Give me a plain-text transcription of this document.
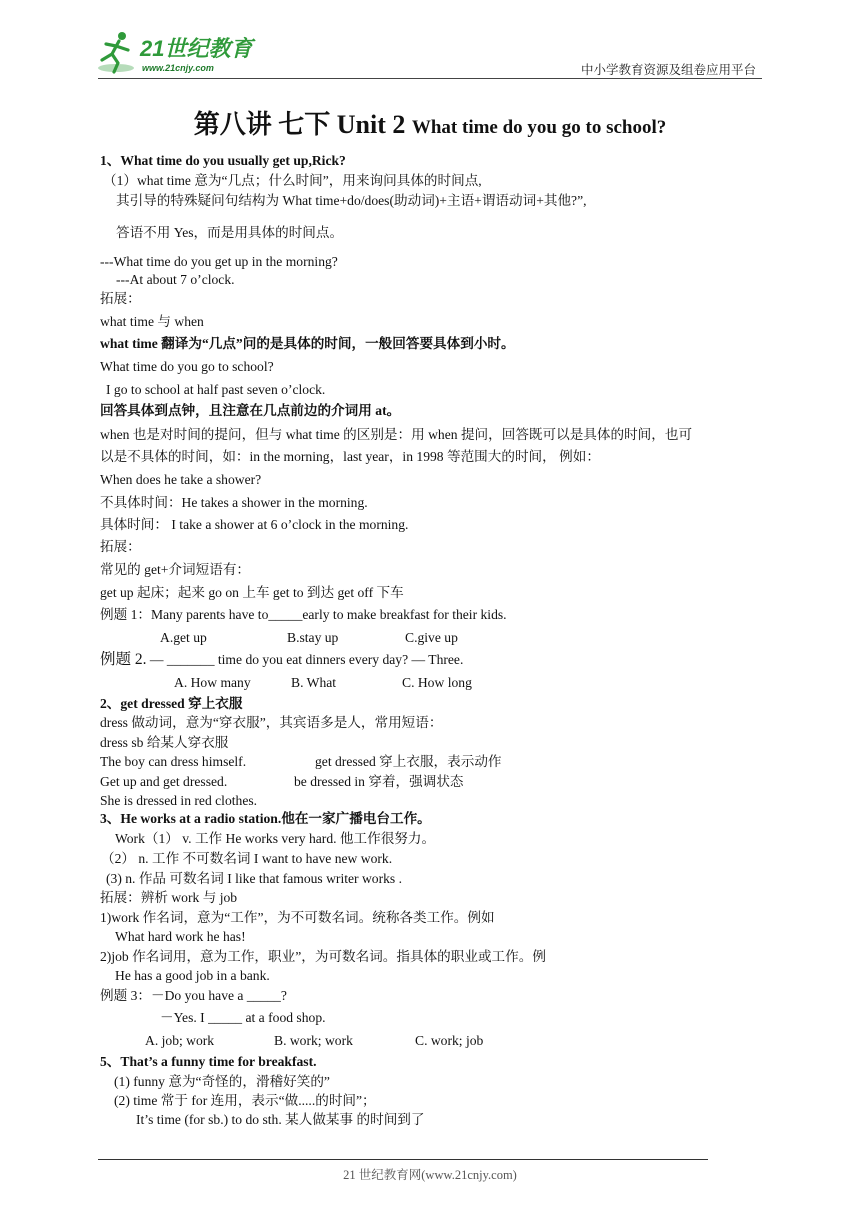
21世纪教育
www.21cnjy.com	中小学教育资源及组卷应用平台
第八讲 七下 Unit 2 What time do you go to school?
1、What time do you usually get up,Rick?
（1）what time 意为“几点；什么时间”，用来询问具体的时间点,
其引导的特殊疑问句结构为 What time+do/does(助动词)+主语+谓语动词+其他?”,
答语不用 Yes，而是用具体的时间点。
---What time do you get up in the morning?
---At about 7 o’clock.
拓展：
what time 与 when
what time 翻译为“几点”问的是具体的时间，一般回答要具体到小时。
What time do you go to school?
I go to school at half past seven o’clock.
回答具体到点钟，且注意在几点前边的介词用 at。
when 也是对时间的提问，但与 what time 的区别是：用 when 提问，回答既可以是具体的时间，也可
以是不具体的时间，如：in the morning，last year，in 1998 等范围大的时间， 例如：
When does he take a shower?
不具体时间：He takes a shower in the morning.
具体时间： I take a shower at 6 o’clock in the morning.
拓展：
常见的 get+介词短语有：
get up 起床；起来 go on 上车 get to 到达 get off 下车
例题 1：Many parents have to_____early to make breakfast for their kids.
A.get up	B.stay up	C.give up
例题 2. — _______ time do you eat dinners every day? — Three.
A. How many	B. What	C. How long
2、get dressed 穿上衣服
dress 做动词，意为“穿衣服”，其宾语多是人，常用短语：
dress sb 给某人穿衣服
The boy can dress himself.	get dressed 穿上衣服，表示动作
Get up and get dressed.	be dressed in 穿着，强调状态
She is dressed in red clothes.
3、He works at a radio station.他在一家广播电台工作。
Work（1） v. 工作 He works very hard. 他工作很努力。
（2） n. 工作 不可数名词 I want to have new work.
(3) n. 作品 可数名词 I like that famous writer works .
拓展：辨析 work 与 job
1)work 作名词，意为“工作”，为不可数名词。统称各类工作。例如
What hard work he has!
2)job 作名词用，意为工作，职业”，为可数名词。指具体的职业或工作。例
He has a good job in a bank.
例题 3：－Do you have a _____?
－Yes. I _____ at a food shop.
A. job; work	B. work; work	C. work; job
5、That’s a funny time for breakfast.
(1) funny 意为“奇怪的，滑稽好笑的”
(2) time 常于 for 连用，表示“做.....的时间”；
It’s time (for sb.) to do sth. 某人做某事 的时间到了
21 世纪教育网(www.21cnjy.com)
